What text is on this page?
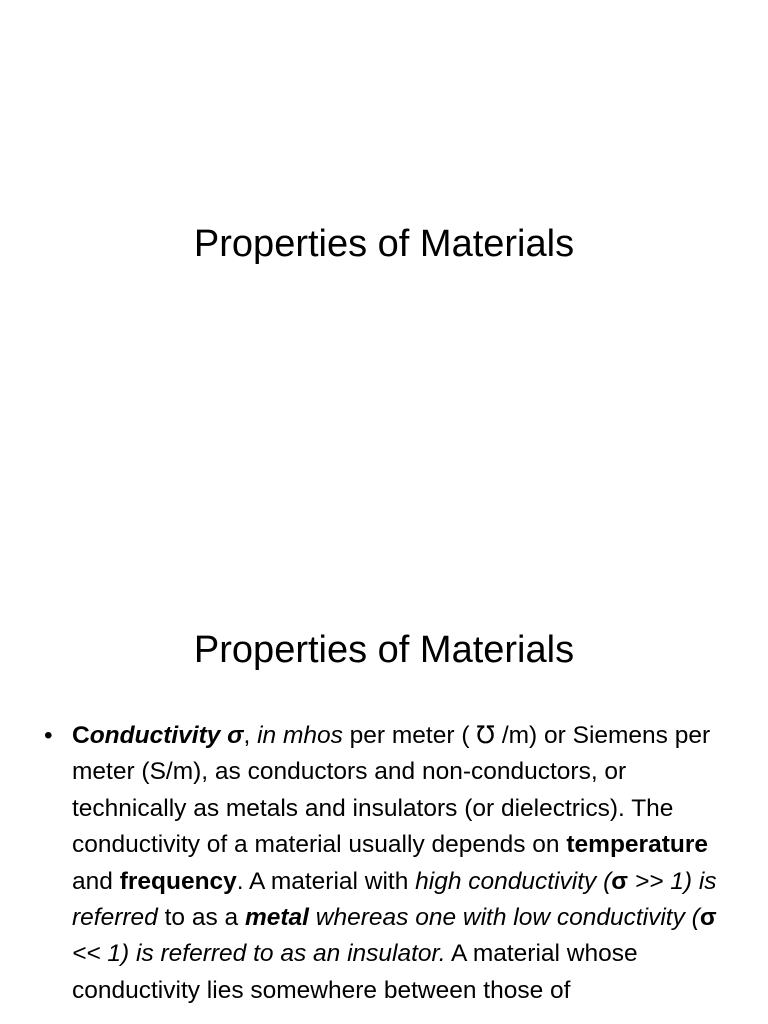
Properties of Materials
Properties of Materials
• Conductivity σ, in mhos per meter ( ℧ /m) or Siemens per meter (S/m), as conductors and non-conductors, or technically as metals and insulators (or dielectrics). The conductivity of a material usually depends on temperature and frequency. A material with high conductivity (σ >> 1) is referred to as a metal whereas one with low conductivity (σ << 1) is referred to as an insulator. A material whose conductivity lies somewhere between those of
